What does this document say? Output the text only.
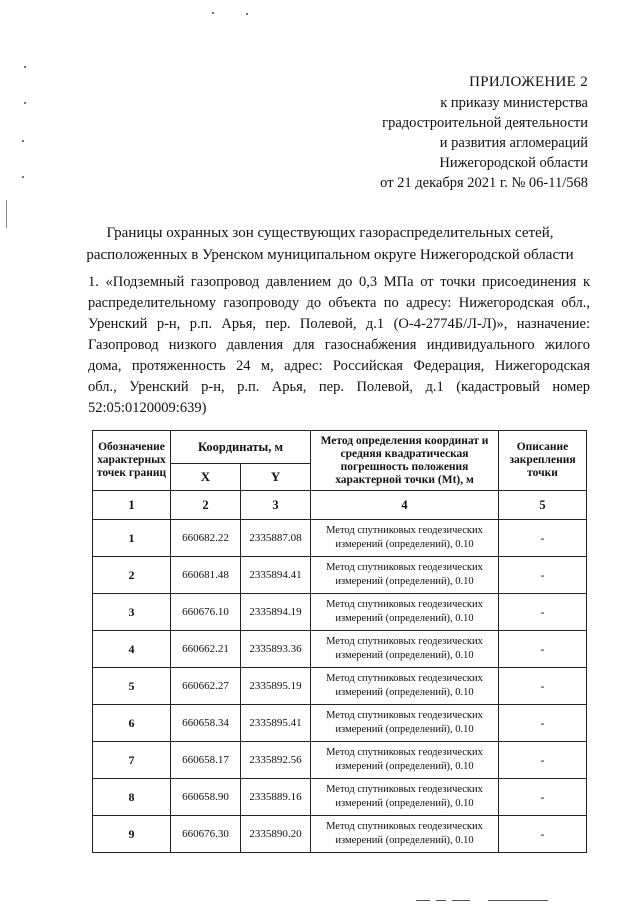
ПРИЛОЖЕНИЕ 2
к приказу министерства
градостроительной деятельности
и развития агломераций
Нижегородской области
от 21 декабря 2021 г. № 06-11/568
Границы охранных зон существующих газораспределительных сетей,
расположенных в Уренском муниципальном округе Нижегородской области

1. «Подземный газопровод давлением до 0,3 МПа от точки присоединения к

распределительному газопроводу до объекта по адресу: Нижегородская обл.,

Уренский р-н, р.п. Арья, пер. Полевой, д.1 (О-4-2774Б/Л-Л)», назначение:

Газопровод низкого давления для газоснабжения индивидуального жилого

дома, протяженность 24 м, адрес: Российская Федерация, Нижегородская

обл., Уренский р-н, р.п. Арья, пер. Полевой, д.1 (кадастровый номер

52:05:0120009:639)

Обозначение характерных точек границ	Координаты, м		Метод определения координат и средняя квадратическая погрешность положения характерной точки (Mt), м	Описание закрепления точки
	X	Y		
1	2	3	4	5
1	660682.22	2335887.08	Метод спутниковых геодезических измерений (определений), 0.10	-
2	660681.48	2335894.41	Метод спутниковых геодезических измерений (определений), 0.10	-
3	660676.10	2335894.19	Метод спутниковых геодезических измерений (определений), 0.10	-
4	660662.21	2335893.36	Метод спутниковых геодезических измерений (определений), 0.10	-
5	660662.27	2335895.19	Метод спутниковых геодезических измерений (определений), 0.10	-
6	660658.34	2335895.41	Метод спутниковых геодезических измерений (определений), 0.10	-
7	660658.17	2335892.56	Метод спутниковых геодезических измерений (определений), 0.10	-
8	660658.90	2335889.16	Метод спутниковых геодезических измерений (определений), 0.10	-
9	660676.30	2335890.20	Метод спутниковых геодезических измерений (определений), 0.10	-
